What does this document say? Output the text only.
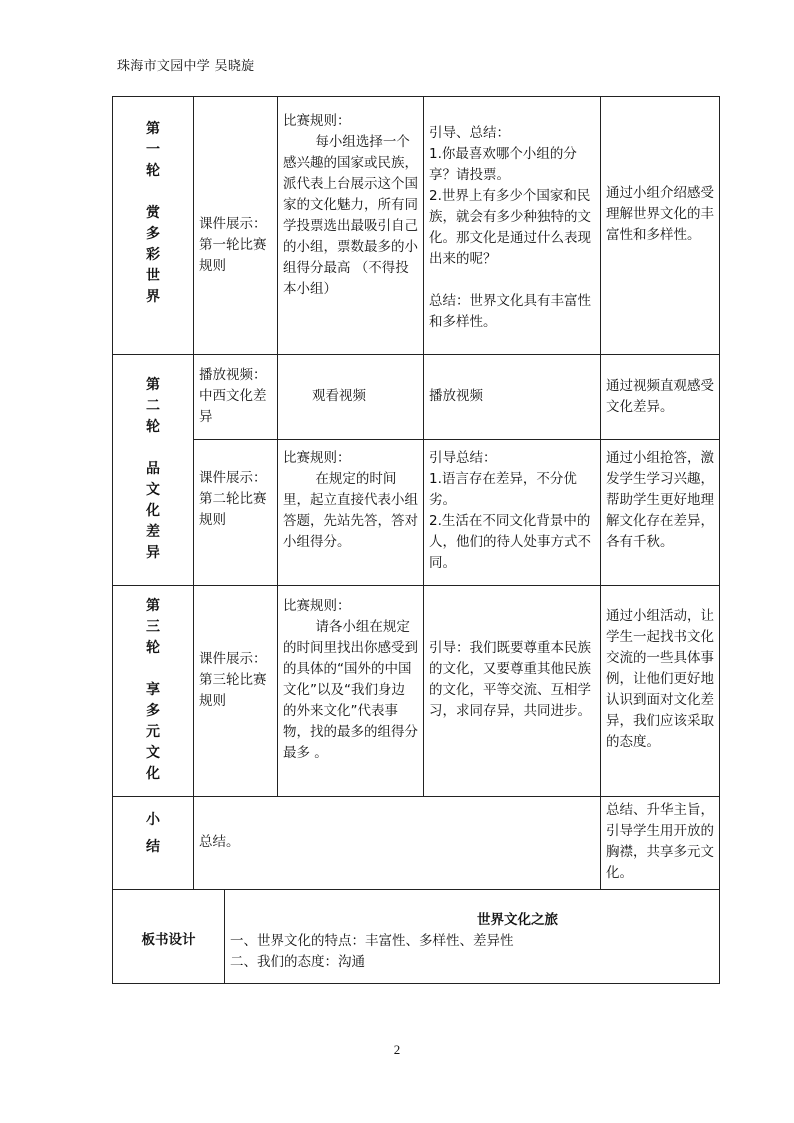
珠海市文园中学 吴晓旋
第
一
轮
赏
多
彩
世
界
课件展示：第一轮比赛规则
比赛规则：
每小组选择一个感兴趣的国家或民族，派代表上台展示这个国家的文化魅力，所有同学投票选出最吸引自己的小组，票数最多的小组得分最高 （不得投本小组）
引导、总结：
1.你最喜欢哪个小组的分享？请投票。
2.世界上有多少个国家和民族，就会有多少种独特的文化。那文化是通过什么表现出来的呢？

总结：世界文化具有丰富性和多样性。
通过小组介绍感受理解世界文化的丰富性和多样性。
第
二
轮
品
文
化
差
异
播放视频：中西文化差异
观看视频	播放视频
通过视频直观感受文化差异。
课件展示：第二轮比赛规则
比赛规则：
在规定的时间里，起立直接代表小组答题，先站先答，答对小组得分。
引导总结：
1.语言存在差异，不分优劣。
2.生活在不同文化背景中的人，他们的待人处事方式不同。
通过小组抢答，激发学生学习兴趣，帮助学生更好地理解文化存在差异，各有千秋。
第
三
轮
享
多
元
文
化
课件展示：第三轮比赛规则
比赛规则：
请各小组在规定的时间里找出你感受到的具体的“国外的中国文化”以及“我们身边的外来文化”代表事物，找的最多的组得分最多 。
引导：我们既要尊重本民族的文化，又要尊重其他民族的文化，平等交流、互相学习，求同存异，共同进步。
通过小组活动，让学生一起找书文化交流的一些具体事例，让他们更好地认识到面对文化差异，我们应该采取的态度。
小
结	总结。
总结、升华主旨，引导学生用开放的胸襟，共享多元文化。
板书设计
世界文化之旅
一、世界文化的特点：丰富性、多样性、差异性
二、我们的态度：沟通
2
